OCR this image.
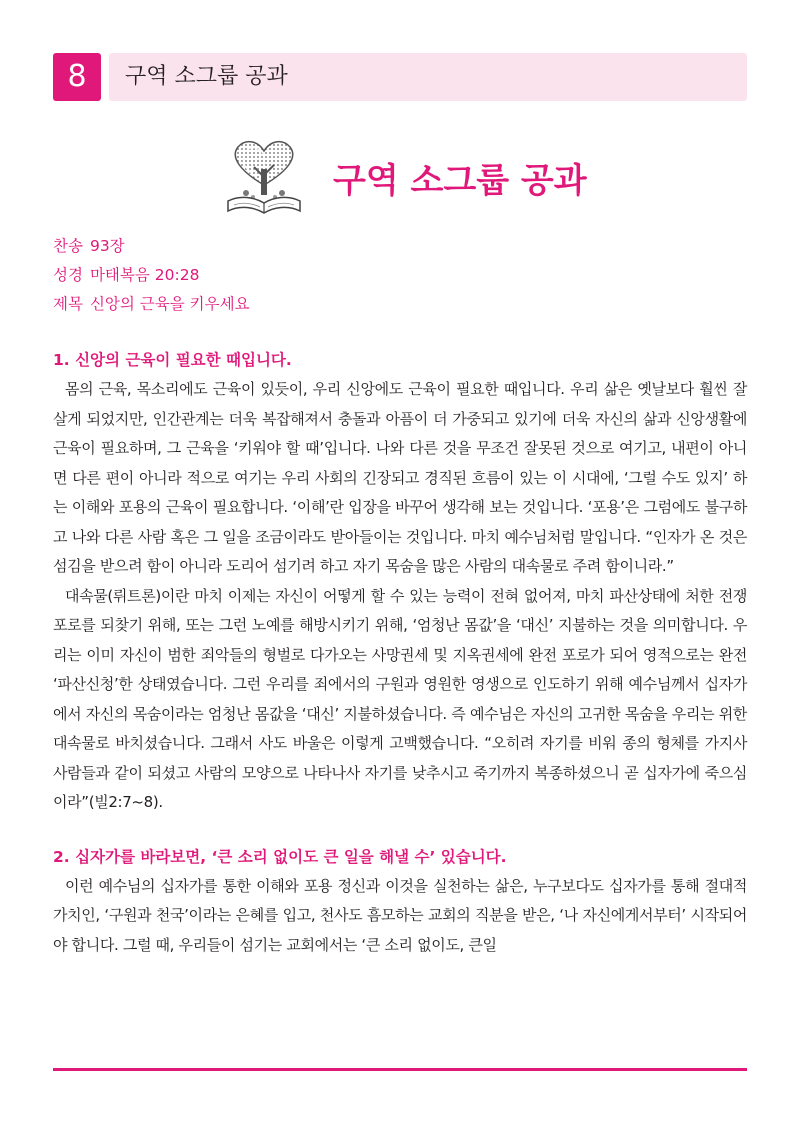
8	구역 소그룹 공과
구역 소그룹 공과
찬송 93장
성경 마태복음 20:28
제목 신앙의 근육을 키우세요
1. 신앙의 근육이 필요한 때입니다.

몸의 근육, 목소리에도 근육이 있듯이, 우리 신앙에도 근육이 필요한 때입니다. 우리 삶은 옛날보다 훨씬 잘 살게 되었지만, 인간관계는 더욱 복잡해져서 충돌과 아픔이 더 가중되고 있기에 더욱 자신의 삶과 신앙생활에 근육이 필요하며, 그 근육을 ‘키워야 할 때’입니다. 나와 다른 것을 무조건 잘못된 것으로 여기고, 내편이 아니면 다른 편이 아니라 적으로 여기는 우리 사회의 긴장되고 경직된 흐름이 있는 이 시대에, ‘그럴 수도 있지’ 하는 이해와 포용의 근육이 필요합니다. ‘이해’란 입장을 바꾸어 생각해 보는 것입니다. ‘포용’은 그럼에도 불구하고 나와 다른 사람 혹은 그 일을 조금이라도 받아들이는 것입니다. 마치 예수님처럼 말입니다. “인자가 온 것은 섬김을 받으려 함이 아니라 도리어 섬기려 하고 자기 목숨을 많은 사람의 대속물로 주려 함이니라.”

대속물(뤼트론)이란 마치 이제는 자신이 어떻게 할 수 있는 능력이 전혀 없어져, 마치 파산상태에 처한 전쟁포로를 되찾기 위해, 또는 그런 노예를 해방시키기 위해, ‘엄청난 몸값’을 ‘대신’ 지불하는 것을 의미합니다. 우리는 이미 자신이 범한 죄악들의 형벌로 다가오는 사망권세 및 지옥권세에 완전 포로가 되어 영적으로는 완전 ‘파산신청’한 상태였습니다. 그런 우리를 죄에서의 구원과 영원한 영생으로 인도하기 위해 예수님께서 십자가에서 자신의 목숨이라는 엄청난 몸값을 ‘대신’ 지불하셨습니다. 즉 예수님은 자신의 고귀한 목숨을 우리는 위한 대속물로 바치셨습니다. 그래서 사도 바울은 이렇게 고백했습니다. “오히려 자기를 비워 종의 형체를 가지사 사람들과 같이 되셨고 사람의 모양으로 나타나사 자기를 낮추시고 죽기까지 복종하셨으니 곧 십자가에 죽으심이라”(빌2:7~8).

2. 십자가를 바라보면, ‘큰 소리 없이도 큰 일을 해낼 수’ 있습니다.

이런 예수님의 십자가를 통한 이해와 포용 정신과 이것을 실천하는 삶은, 누구보다도 십자가를 통해 절대적 가치인, ‘구원과 천국’이라는 은혜를 입고, 천사도 흠모하는 교회의 직분을 받은, ‘나 자신에게서부터’ 시작되어야 합니다. 그럴 때, 우리들이 섬기는 교회에서는 ‘큰 소리 없이도, 큰일
